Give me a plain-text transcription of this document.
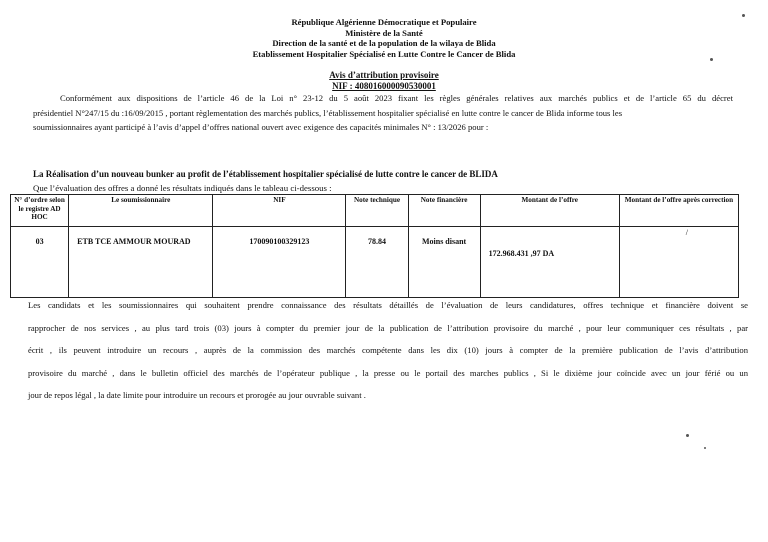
République Algérienne Démocratique et Populaire
Ministère de la Santé
Direction de la santé et de la population de la wilaya de Blida
Etablissement Hospitalier Spécialisé en Lutte Contre le Cancer de Blida
Avis d’attribution provisoire
NIF : 408016000090530001
Conformément aux dispositions de l’article 46 de la Loi n° 23-12 du 5 août 2023 fixant les règles générales relatives aux marchés publics et de l’article 65 du décret
présidentiel N°247/15 du :16/09/2015 , portant règlementation des marchés publics, l’établissement hospitalier spécialisé en lutte contre le cancer de Blida informe tous les
soumissionnaires ayant participé à l’avis d’appel d’offres national ouvert avec exigence des capacités minimales N° : 13/2026 pour :
La Réalisation d’un nouveau bunker au profit de l’établissement hospitalier spécialisé de lutte contre le cancer de BLIDA
Que l’évaluation des offres a donné les résultats indiqués dans le tableau ci-dessous :
N° d’ordre selon le registre AD HOC	Le soumissionnaire	NIF	Note technique	Note financière	Montant de l’offre	Montant de l’offre après correction
03	ETB TCE AMMOUR MOURAD	170090100329123	78.84	Moins disant	172.968.431 ,97 DA	/
Les candidats et les soumissionnaires qui souhaitent prendre connaissance des résultats détaillés de l’évaluation de leurs candidatures, offres technique et financière doivent se
rapprocher de nos services , au plus tard trois (03) jours à compter du premier jour de la publication de l’attribution provisoire du marché , pour leur communiquer ces résultats , par
écrit , ils peuvent introduire un recours , auprès de la commission des marchés compétente dans les dix (10) jours à compter de la première publication de l’avis d’attribution
provisoire du marché , dans le bulletin officiel des marchés de l’opérateur publique , la presse ou le portail des marches publics , Si le dixième jour coïncide avec un jour férié ou un
jour de repos légal , la date limite pour introduire un recours et prorogée au jour ouvrable suivant .
